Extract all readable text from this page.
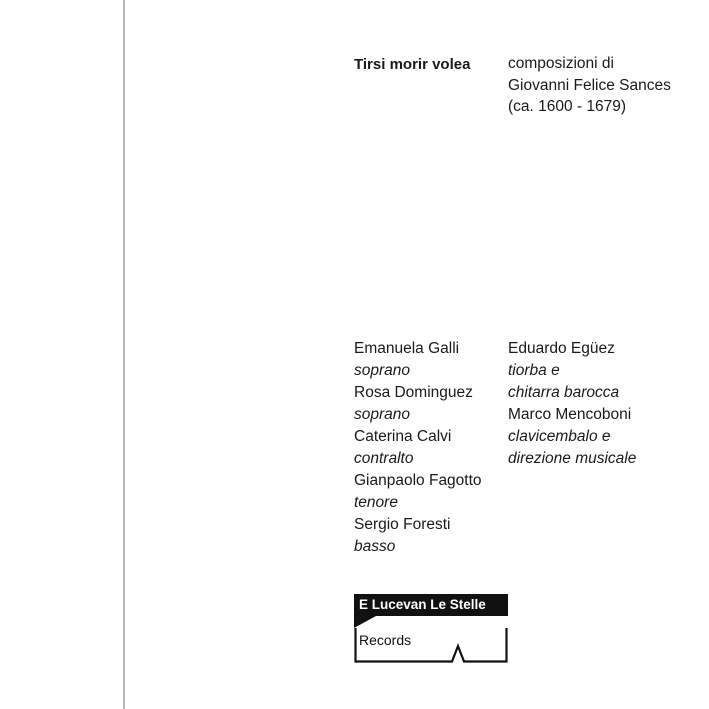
Tirsi morir volea composizioni di
Giovanni Felice Sances
(ca. 1600 - 1679)
Emanuela Galli
soprano
Rosa Dominguez
soprano
Caterina Calvi
contralto
Gianpaolo Fagotto
tenore
Sergio Foresti
basso
Eduardo Egüez
tiorba e
chitarra barocca
Marco Mencoboni
clavicembalo e
direzione musicale
E Lucevan Le Stelle
Records
